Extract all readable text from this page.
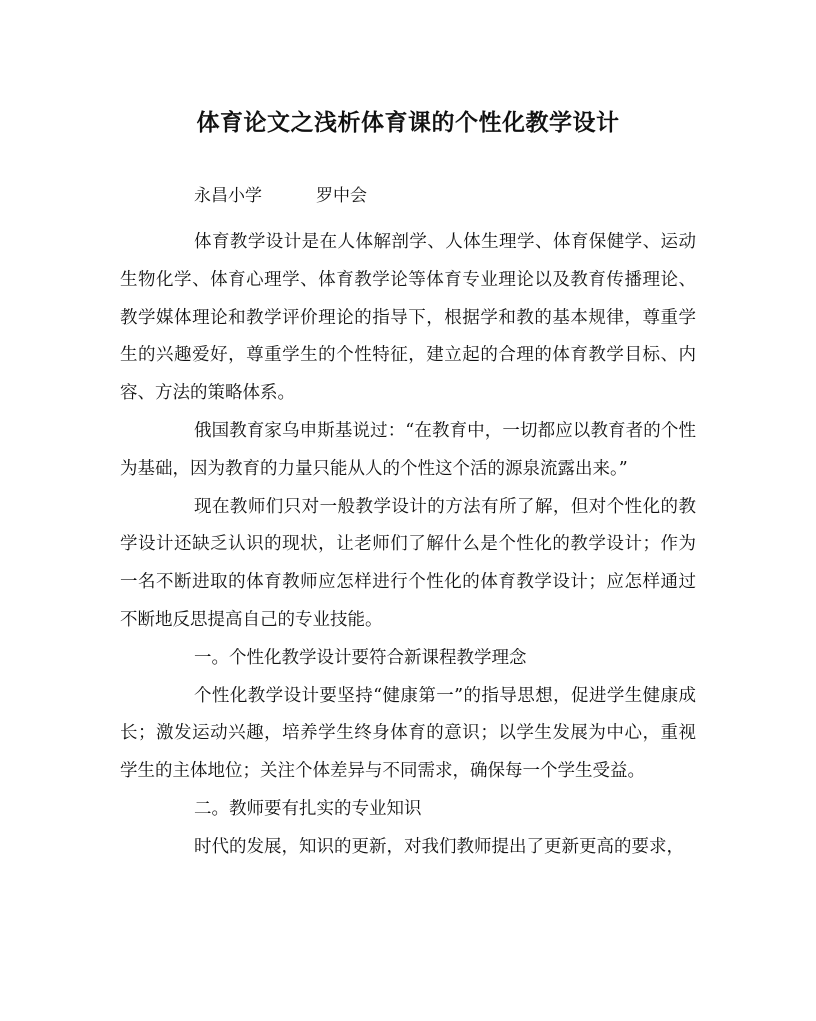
体育论文之浅析体育课的个性化教学设计
永昌小学	罗中会

体育教学设计是在人体解剖学、人体生理学、体育保健学、运动生物化学、体育心理学、体育教学论等体育专业理论以及教育传播理论、教学媒体理论和教学评价理论的指导下，根据学和教的基本规律，尊重学生的兴趣爱好，尊重学生的个性特征，建立起的合理的体育教学目标、内容、方法的策略体系。

俄国教育家乌申斯基说过：“在教育中，一切都应以教育者的个性为基础，因为教育的力量只能从人的个性这个活的源泉流露出来。”

现在教师们只对一般教学设计的方法有所了解，但对个性化的教学设计还缺乏认识的现状，让老师们了解什么是个性化的教学设计；作为一名不断进取的体育教师应怎样进行个性化的体育教学设计；应怎样通过不断地反思提高自己的专业技能。

一。个性化教学设计要符合新课程教学理念

个性化教学设计要坚持“健康第一”的指导思想，促进学生健康成长；激发运动兴趣，培养学生终身体育的意识；以学生发展为中心，重视学生的主体地位；关注个体差异与不同需求，确保每一个学生受益。

二。教师要有扎实的专业知识

时代的发展，知识的更新，对我们教师提出了更新更高的要求，
